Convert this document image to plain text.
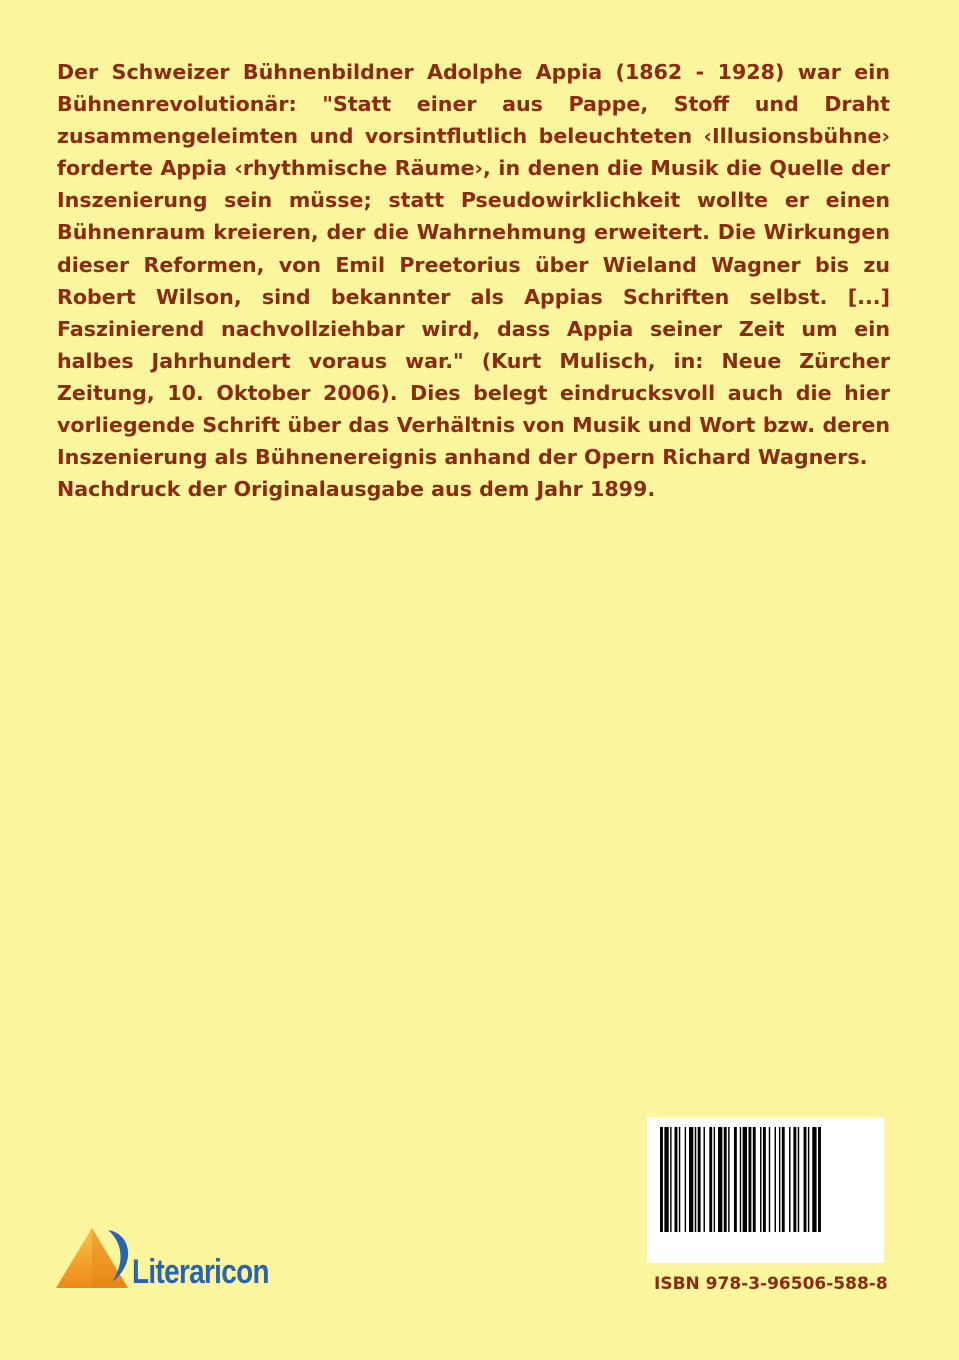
Der Schweizer Bühnenbildner Adolphe Appia (1862 - 1928) war ein Bühnenrevolutionär: "Statt einer aus Pappe, Stoff und Draht zusammengeleimten und vorsintflutlich beleuchteten ‹Illusionsbühne› forderte Appia ‹rhythmische Räume›, in denen die Musik die Quelle der Inszenierung sein müsse; statt Pseudowirklichkeit wollte er einen Bühnenraum kreieren, der die Wahrnehmung erweitert. Die Wirkungen dieser Reformen, von Emil Preetorius über Wieland Wagner bis zu Robert Wilson, sind bekannter als Appias Schriften selbst. [...] Faszinierend nachvollziehbar wird, dass Appia seiner Zeit um ein halbes Jahrhundert voraus war." (Kurt Mulisch, in: Neue Zürcher Zeitung, 10. Oktober 2006). Dies belegt eindrucksvoll auch die hier vorliegende Schrift über das Verhältnis von Musik und Wort bzw. deren Inszenierung als Bühnenereignis anhand der Opern Richard Wagners.
Nachdruck der Originalausgabe aus dem Jahr 1899.
ISBN 978-3-96506-588-8
Literaricon
